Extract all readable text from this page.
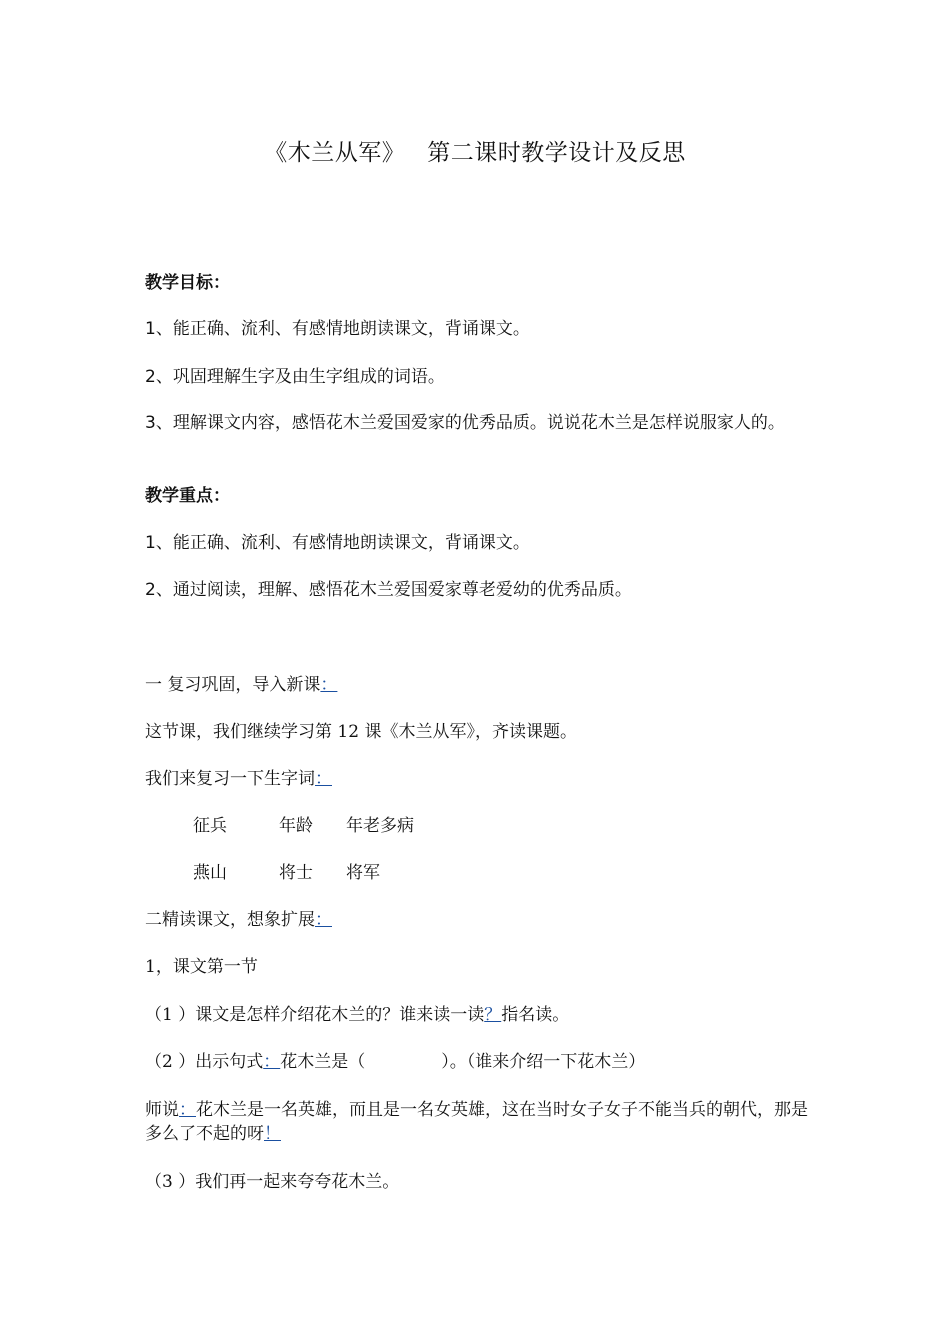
《木兰从军》 第二课时教学设计及反思
教学目标：
1、能正确、流利、有感情地朗读课文，背诵课文。
2、巩固理解生字及由生字组成的词语。
3、理解课文内容，感悟花木兰爱国爱家的优秀品质。说说花木兰是怎样说服家人的。
教学重点：
1、能正确、流利、有感情地朗读课文，背诵课文。
2、通过阅读，理解、感悟花木兰爱国爱家尊老爱幼的优秀品质。
一 复习巩固，导入新课：
这节课，我们继续学习第 12 课《木兰从军》，齐读课题。
我们来复习一下生字词：
征兵	年龄 年老多病
燕山	将士 将军
二精读课文，想象扩展：
1，课文第一节
（1 ）课文是怎样介绍花木兰的？谁来读一读？指名读。
（2 ）出示句式：花木兰是（	）。（谁来介绍一下花木兰）
师说：花木兰是一名英雄，而且是一名女英雄，这在当时女子女子不能当兵的朝代，那是多么了不起的呀！
（3 ）我们再一起来夸夸花木兰。
